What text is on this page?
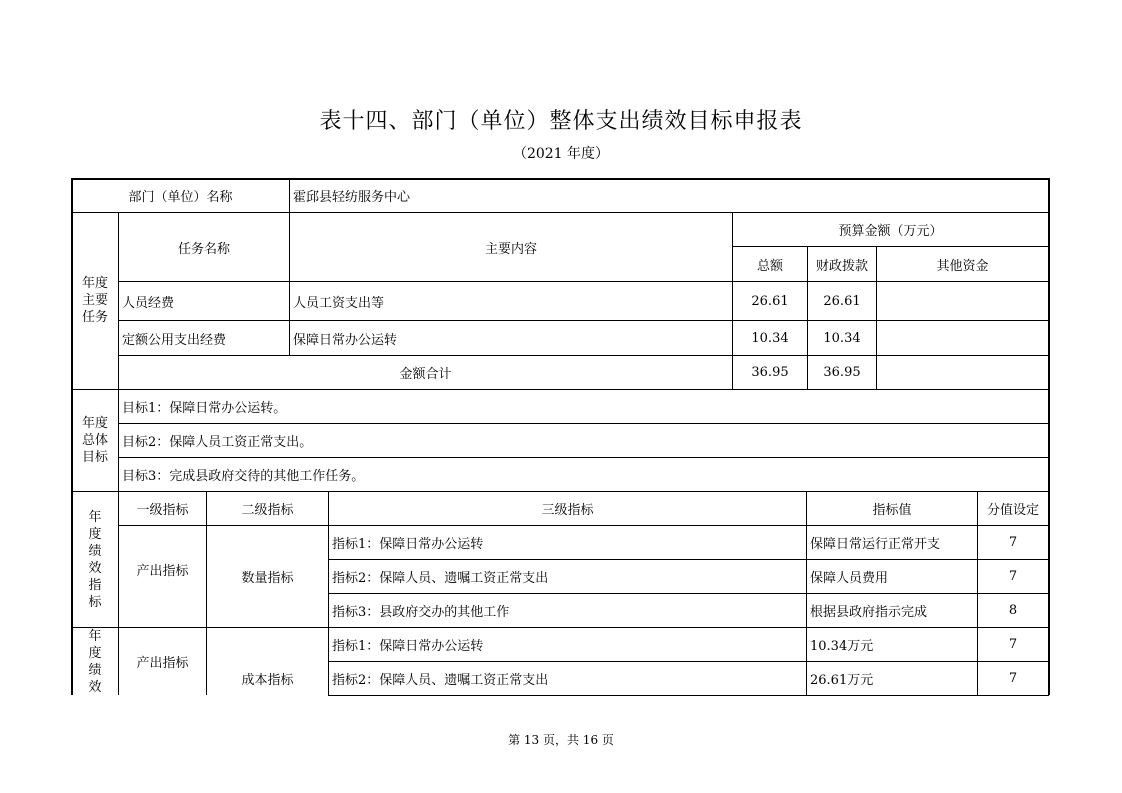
表十四、部门（单位）整体支出绩效目标申报表
（2021 年度）
部门（单位）名称	霍邱县轻纺服务中心
年度主要任务
任务名称	主要内容
预算金额（万元）
总额	财政拨款	其他资金
人员经费	人员工资支出等	26.61	26.61
定额公用支出经费	保障日常办公运转	10.34	10.34
金额合计	36.95	36.95
年度总体目标
目标1：保障日常办公运转。
目标2：保障人员工资正常支出。
目标3：完成县政府交待的其他工作任务。
年度绩效指标
一级指标	二级指标	三级指标	指标值	分值设定
产出指标	数量指标
指标1：保障日常办公运转	保障日常运行正常开支	7
指标2：保障人员、遗嘱工资正常支出	保障人员费用	7
指标3：县政府交办的其他工作	根据县政府指示完成	8
年度绩效
产出指标
成本指标
指标1：保障日常办公运转	10.34万元	7
指标2：保障人员、遗嘱工资正常支出	26.61万元	7
第 13 页，共 16 页
